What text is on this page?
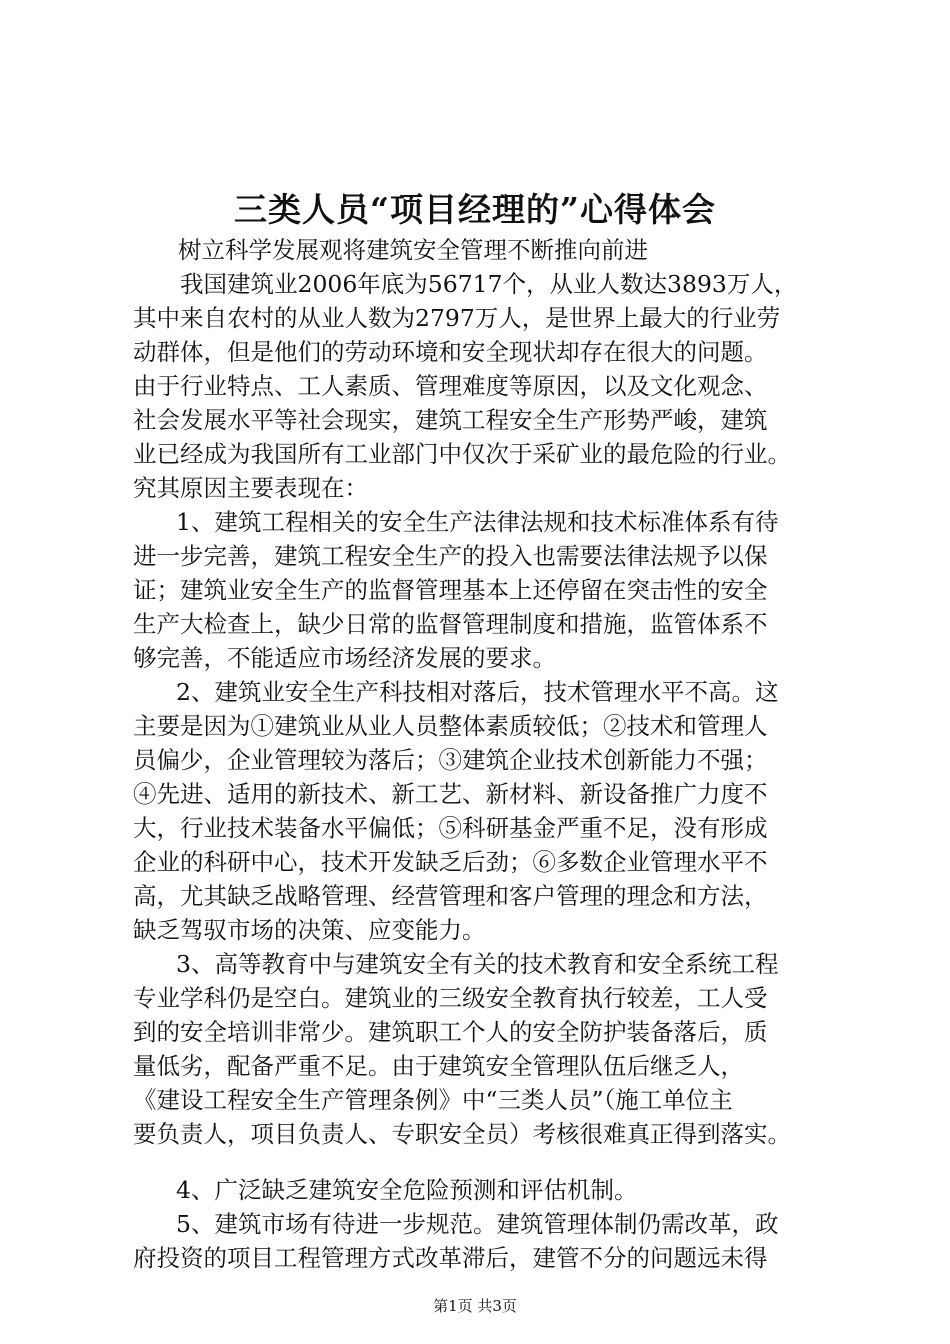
三类人员“项目经理的”心得体会

树立科学发展观将建筑安全管理不断推向前进

我国建筑业2006年底为56717个，从业人数达3893万人，

其中来自农村的从业人数为2797万人，是世界上最大的行业劳

动群体，但是他们的劳动环境和安全现状却存在很大的问题。

由于行业特点、工人素质、管理难度等原因，以及文化观念、

社会发展水平等社会现实，建筑工程安全生产形势严峻，建筑

业已经成为我国所有工业部门中仅次于采矿业的最危险的行业。

究其原因主要表现在：

1、建筑工程相关的安全生产法律法规和技术标准体系有待

进一步完善，建筑工程安全生产的投入也需要法律法规予以保

证；建筑业安全生产的监督管理基本上还停留在突击性的安全

生产大检查上，缺少日常的监督管理制度和措施，监管体系不

够完善，不能适应市场经济发展的要求。

2、建筑业安全生产科技相对落后，技术管理水平不高。这

主要是因为①建筑业从业人员整体素质较低；②技术和管理人

员偏少，企业管理较为落后；③建筑企业技术创新能力不强；

④先进、适用的新技术、新工艺、新材料、新设备推广力度不

大，行业技术装备水平偏低；⑤科研基金严重不足，没有形成

企业的科研中心，技术开发缺乏后劲；⑥多数企业管理水平不

高，尤其缺乏战略管理、经营管理和客户管理的理念和方法，

缺乏驾驭市场的决策、应变能力。

3、高等教育中与建筑安全有关的技术教育和安全系统工程

专业学科仍是空白。建筑业的三级安全教育执行较差，工人受

到的安全培训非常少。建筑职工个人的安全防护装备落后，质

量低劣，配备严重不足。由于建筑安全管理队伍后继乏人，

《建设工程安全生产管理条例》中“三类人员”（施工单位主

要负责人，项目负责人、专职安全员）考核很难真正得到落实。

4、广泛缺乏建筑安全危险预测和评估机制。

5、建筑市场有待进一步规范。建筑管理体制仍需改革，政

府投资的项目工程管理方式改革滞后，建管不分的问题远未得

第1页 共3页
